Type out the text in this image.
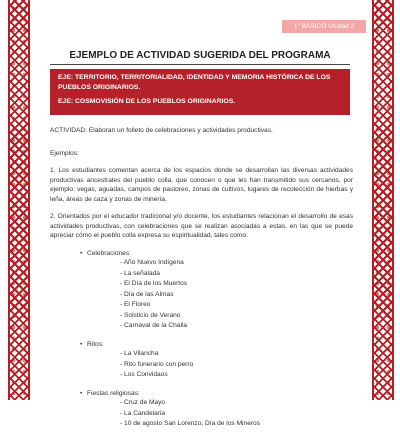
1° BÁSICO Unidad 2
EJEMPLO DE ACTIVIDAD SUGERIDA DEL PROGRAMA
EJE: TERRITORIO, TERRITORIALIDAD, IDENTIDAD Y MEMORIA HISTÓRICA DE LOS PUEBLOS ORIGINARIOS.
EJE: COSMOVISIÓN DE LOS PUEBLOS ORIGINARIOS.

ACTIVIDAD: Elaboran un folleto de celebraciones y actividades productivas.

Ejemplos:

1. Los estudiantes comentan acerca de los espacios donde se desarrollan las diversas actividades productivas ancestrales del pueblo colla, que conocen o que les han transmitido sus cercanos, por ejemplo: vegas, aguadas, campos de pastoreo, zonas de cultivos, lugares de recolección de hierbas y leña, áreas de caza y zonas de minería.

2. Orientados por el educador tradicional y/o docente, los estudiantes relacionan el desarrollo de esas actividades productivas, con celebraciones que se realizan asociadas a estas, en las que se puede apreciar cómo el pueblo colla expresa su espiritualidad, tales como:

• Celebraciones:
- Año Nuevo Indígena
- La señalada
- El Día de los Muertos
- Día de las Almas
- El Floreo
- Solsticio de Verano
- Carnaval de la Challa
• Ritos:
- La Vilancha
- Rito funerario con perro
- Los Convidaos
• Fiestas religiosas:
- Cruz de Mayo
- La Candelaria
- 10 de agosto San Lorenzo, Día de los Mineros
